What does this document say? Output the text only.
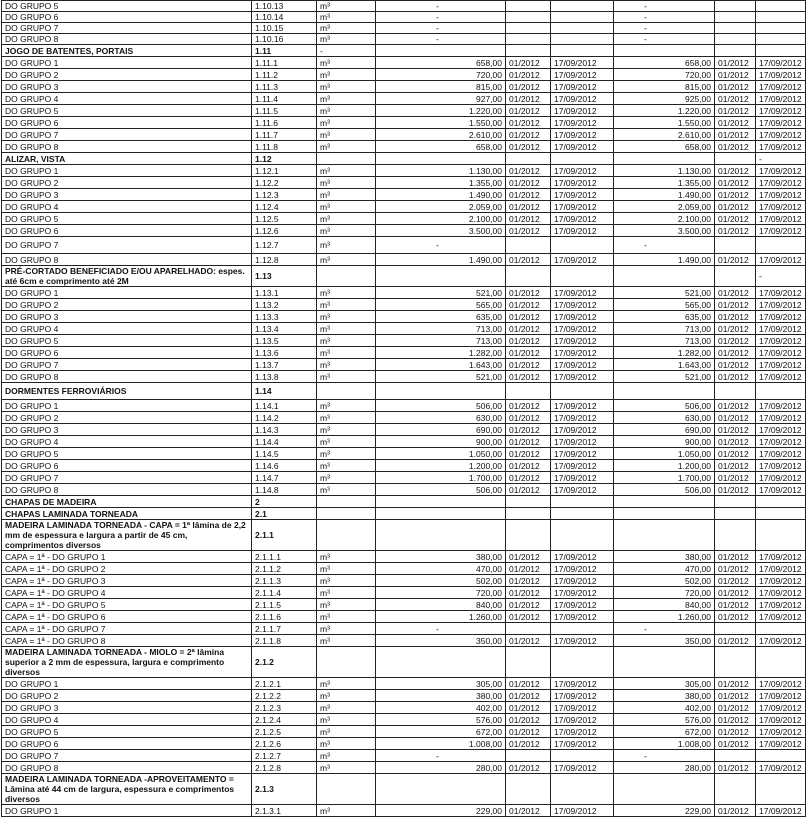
DO GRUPO 5	1.10.13	m³	-			-		
DO GRUPO 6	1.10.14	m³	-			-		
DO GRUPO 7	1.10.15	m³	-			-		
DO GRUPO 8	1.10.16	m³	-			-		
JOGO DE BATENTES, PORTAIS	1.11	-						
DO GRUPO 1	1.11.1	m³	658,00	01/2012	17/09/2012	658,00	01/2012	17/09/2012
DO GRUPO 2	1.11.2	m³	720,00	01/2012	17/09/2012	720,00	01/2012	17/09/2012
DO GRUPO 3	1.11.3	m³	815,00	01/2012	17/09/2012	815,00	01/2012	17/09/2012
DO GRUPO 4	1.11.4	m³	927,00	01/2012	17/09/2012	925,00	01/2012	17/09/2012
DO GRUPO 5	1.11.5	m³	1.220,00	01/2012	17/09/2012	1.220,00	01/2012	17/09/2012
DO GRUPO 6	1.11.6	m³	1.550,00	01/2012	17/09/2012	1.550,00	01/2012	17/09/2012
DO GRUPO 7	1.11.7	m³	2.610,00	01/2012	17/09/2012	2.610,00	01/2012	17/09/2012
DO GRUPO 8	1.11.8	m³	658,00	01/2012	17/09/2012	658,00	01/2012	17/09/2012
ALIZAR, VISTA	1.12							-
DO GRUPO 1	1.12.1	m³	1.130,00	01/2012	17/09/2012	1.130,00	01/2012	17/09/2012
DO GRUPO 2	1.12.2	m³	1.355,00	01/2012	17/09/2012	1.355,00	01/2012	17/09/2012
DO GRUPO 3	1.12.3	m³	1.490,00	01/2012	17/09/2012	1.490,00	01/2012	17/09/2012
DO GRUPO 4	1.12.4	m³	2.059,00	01/2012	17/09/2012	2.059,00	01/2012	17/09/2012
DO GRUPO 5	1.12.5	m³	2.100,00	01/2012	17/09/2012	2.100,00	01/2012	17/09/2012
DO GRUPO 6	1.12.6	m³	3.500,00	01/2012	17/09/2012	3.500,00	01/2012	17/09/2012
DO GRUPO 7	1.12.7	m³	-			-		
DO GRUPO 8	1.12.8	m³	1.490,00	01/2012	17/09/2012	1.490,00	01/2012	17/09/2012
PRÉ-CORTADO BENEFICIADO E/OU APARELHADO: espes. até 6cm e comprimento até 2M	1.13							-
DO GRUPO 1	1.13.1	m³	521,00	01/2012	17/09/2012	521,00	01/2012	17/09/2012
DO GRUPO 2	1.13.2	m³	565,00	01/2012	17/09/2012	565,00	01/2012	17/09/2012
DO GRUPO 3	1.13.3	m³	635,00	01/2012	17/09/2012	635,00	01/2012	17/09/2012
DO GRUPO 4	1.13.4	m³	713,00	01/2012	17/09/2012	713,00	01/2012	17/09/2012
DO GRUPO 5	1.13.5	m³	713,00	01/2012	17/09/2012	713,00	01/2012	17/09/2012
DO GRUPO 6	1.13.6	m³	1.282,00	01/2012	17/09/2012	1.282,00	01/2012	17/09/2012
DO GRUPO 7	1.13.7	m³	1.643,00	01/2012	17/09/2012	1.643,00	01/2012	17/09/2012
DO GRUPO 8	1.13.8	m³	521,00	01/2012	17/09/2012	521,00	01/2012	17/09/2012
DORMENTES FERROVIÁRIOS	1.14							
DO GRUPO 1	1.14.1	m³	506,00	01/2012	17/09/2012	506,00	01/2012	17/09/2012
DO GRUPO 2	1.14.2	m³	630,00	01/2012	17/09/2012	630,00	01/2012	17/09/2012
DO GRUPO 3	1.14.3	m³	690,00	01/2012	17/09/2012	690,00	01/2012	17/09/2012
DO GRUPO 4	1.14.4	m³	900,00	01/2012	17/09/2012	900,00	01/2012	17/09/2012
DO GRUPO 5	1.14.5	m³	1.050,00	01/2012	17/09/2012	1.050,00	01/2012	17/09/2012
DO GRUPO 6	1.14.6	m³	1.200,00	01/2012	17/09/2012	1.200,00	01/2012	17/09/2012
DO GRUPO 7	1.14.7	m³	1.700,00	01/2012	17/09/2012	1.700,00	01/2012	17/09/2012
DO GRUPO 8	1.14.8	m³	506,00	01/2012	17/09/2012	506,00	01/2012	17/09/2012
CHAPAS DE MADEIRA	2							
CHAPAS LAMINADA TORNEADA	2.1							
MADEIRA LAMINADA TORNEADA - CAPA = 1ª lâmina de 2,2 mm de espessura e largura a partir de 45 cm, comprimentos diversos	2.1.1							
CAPA = 1ª - DO GRUPO 1	2.1.1.1	m³	380,00	01/2012	17/09/2012	380,00	01/2012	17/09/2012
CAPA = 1ª - DO GRUPO 2	2.1.1.2	m³	470,00	01/2012	17/09/2012	470,00	01/2012	17/09/2012
CAPA = 1ª - DO GRUPO 3	2.1.1.3	m³	502,00	01/2012	17/09/2012	502,00	01/2012	17/09/2012
CAPA = 1ª - DO GRUPO 4	2.1.1.4	m³	720,00	01/2012	17/09/2012	720,00	01/2012	17/09/2012
CAPA = 1ª - DO GRUPO 5	2.1.1.5	m³	840,00	01/2012	17/09/2012	840,00	01/2012	17/09/2012
CAPA = 1ª - DO GRUPO 6	2.1.1.6	m³	1.260,00	01/2012	17/09/2012	1.260,00	01/2012	17/09/2012
CAPA = 1ª - DO GRUPO 7	2.1.1.7	m³	-			-		
CAPA = 1ª - DO GRUPO 8	2.1.1.8	m³	350,00	01/2012	17/09/2012	350,00	01/2012	17/09/2012
MADEIRA LAMINADA TORNEADA - MIOLO = 2ª lâmina superior a 2 mm de espessura, largura e comprimento diversos	2.1.2							
DO GRUPO 1	2.1.2.1	m³	305,00	01/2012	17/09/2012	305,00	01/2012	17/09/2012
DO GRUPO 2	2.1.2.2	m³	380,00	01/2012	17/09/2012	380,00	01/2012	17/09/2012
DO GRUPO 3	2.1.2.3	m³	402,00	01/2012	17/09/2012	402,00	01/2012	17/09/2012
DO GRUPO 4	2.1.2.4	m³	576,00	01/2012	17/09/2012	576,00	01/2012	17/09/2012
DO GRUPO 5	2.1.2.5	m³	672,00	01/2012	17/09/2012	672,00	01/2012	17/09/2012
DO GRUPO 6	2.1.2.6	m³	1.008,00	01/2012	17/09/2012	1.008,00	01/2012	17/09/2012
DO GRUPO 7	2.1.2.7	m³	-			-		
DO GRUPO 8	2.1.2.8	m³	280,00	01/2012	17/09/2012	280,00	01/2012	17/09/2012
MADEIRA LAMINADA TORNEADA -APROVEITAMENTO = Lâmina até 44 cm de largura, espessura e comprimentos diversos	2.1.3							
DO GRUPO 1	2.1.3.1	m³	229,00	01/2012	17/09/2012	229,00	01/2012	17/09/2012
